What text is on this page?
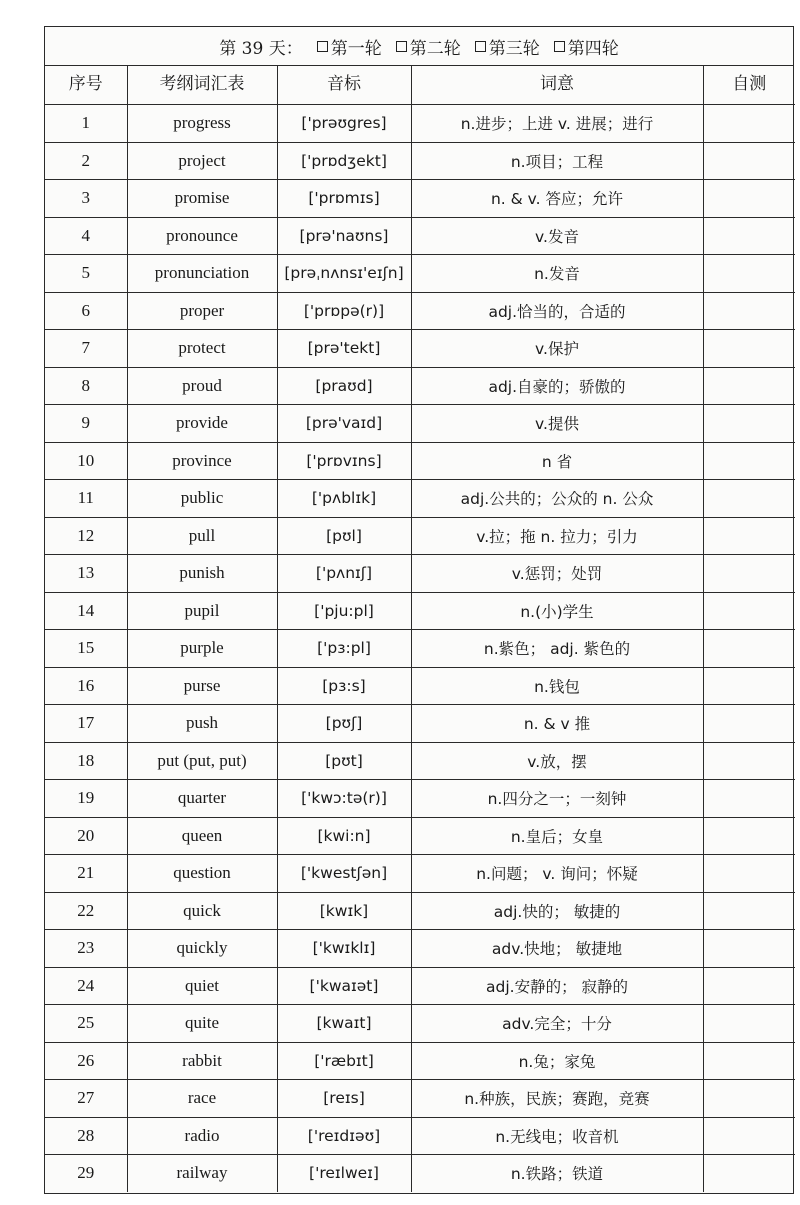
第 39 天： 第一轮 第二轮 第三轮 第四轮
序号	考纲词汇表	音标	词意	自测
1	progress	['prəʊgres]	n.进步；上进 v. 进展；进行	
2	project	['prɒdʒekt]	n.项目；工程	
3	promise	['prɒmɪs]	n. & v. 答应；允许	
4	pronounce	[prə'naʊns]	v.发音	
5	pronunciation	[prəˌnʌnsɪ'eɪʃn]	n.发音	
6	proper	['prɒpə(r)]	adj.恰当的，合适的	
7	protect	[prə'tekt]	v.保护	
8	proud	[praʊd]	adj.自豪的；骄傲的	
9	provide	[prə'vaɪd]	v.提供	
10	province	['prɒvɪns]	n 省	
11	public	['pʌblɪk]	adj.公共的；公众的 n. 公众	
12	pull	[pʊl]	v.拉；拖 n. 拉力；引力	
13	punish	['pʌnɪʃ]	v.惩罚；处罚	
14	pupil	['pju:pl]	n.(小)学生	
15	purple	['pɜ:pl]	n.紫色； adj. 紫色的	
16	purse	[pɜ:s]	n.钱包	
17	push	[pʊʃ]	n. & v 推	
18	put (put, put)	[pʊt]	v.放，摆	
19	quarter	['kwɔ:tə(r)]	n.四分之一；一刻钟	
20	queen	[kwi:n]	n.皇后；女皇	
21	question	['kwestʃən]	n.问题； v. 询问；怀疑	
22	quick	[kwɪk]	adj.快的； 敏捷的	
23	quickly	['kwɪklɪ]	adv.快地； 敏捷地	
24	quiet	['kwaɪət]	adj.安静的； 寂静的	
25	quite	[kwaɪt]	adv.完全；十分	
26	rabbit	['ræbɪt]	n.兔；家兔	
27	race	[reɪs]	n.种族，民族；赛跑，竞赛	
28	radio	['reɪdɪəʊ]	n.无线电；收音机	
29	railway	['reɪlweɪ]	n.铁路；铁道	
